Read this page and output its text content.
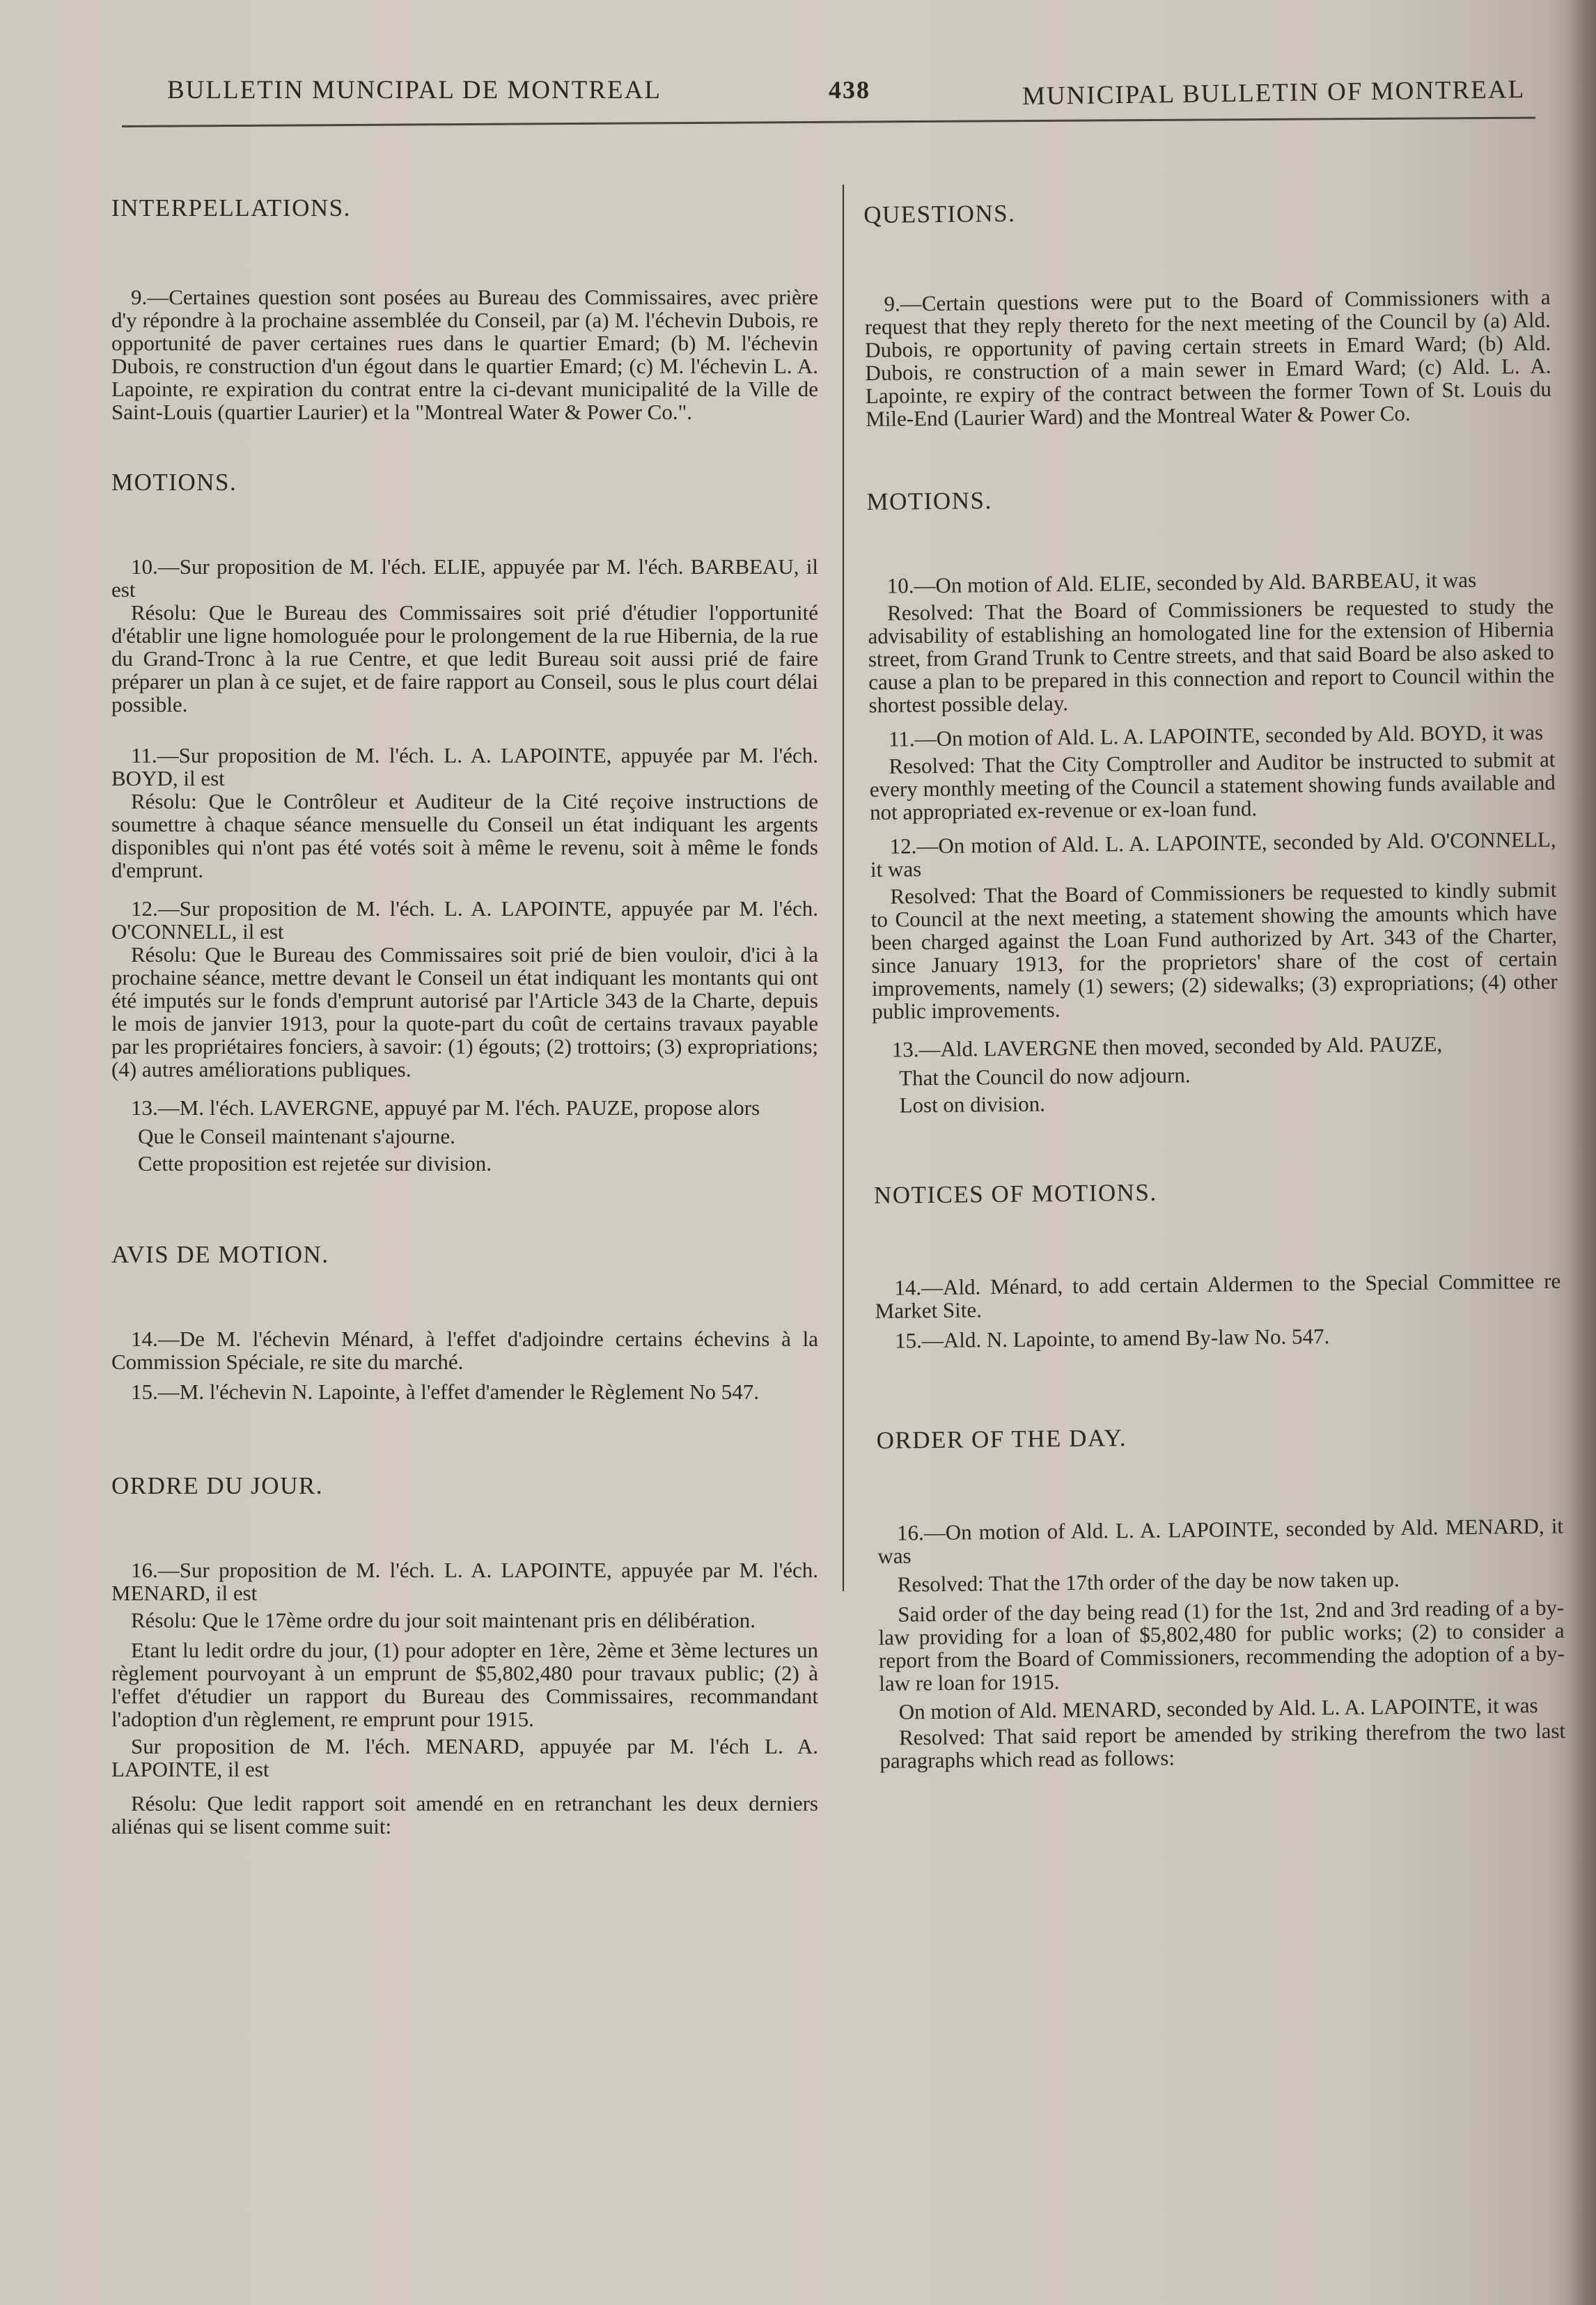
BULLETIN MUNCIPAL DE MONTREAL	438	MUNICIPAL BULLETIN OF MONTREAL

INTERPELLATIONS.

9.—Certaines question sont posées au Bureau des Commissaires, avec prière d'y répondre à la prochaine assemblée du Conseil, par (a) M. l'échevin Dubois, re opportunité de paver certaines rues dans le quartier Emard; (b) M. l'échevin Dubois, re construction d'un égout dans le quartier Emard; (c) M. l'échevin L. A. Lapointe, re expiration du contrat entre la ci-devant municipalité de la Ville de Saint-Louis (quartier Laurier) et la "Montreal Water & Power Co.".

MOTIONS.

10.—Sur proposition de M. l'éch. ELIE, appuyée par M. l'éch. BARBEAU, il est

Résolu: Que le Bureau des Commissaires soit prié d'étudier l'opportunité d'établir une ligne homologuée pour le prolongement de la rue Hibernia, de la rue du Grand-Tronc à la rue Centre, et que ledit Bureau soit aussi prié de faire préparer un plan à ce sujet, et de faire rapport au Conseil, sous le plus court délai possible.

11.—Sur proposition de M. l'éch. L. A. LAPOINTE, appuyée par M. l'éch. BOYD, il est

Résolu: Que le Contrôleur et Auditeur de la Cité reçoive instructions de soumettre à chaque séance mensuelle du Conseil un état indiquant les argents disponibles qui n'ont pas été votés soit à même le revenu, soit à même le fonds d'emprunt.

12.—Sur proposition de M. l'éch. L. A. LAPOINTE, appuyée par M. l'éch. O'CONNELL, il est

Résolu: Que le Bureau des Commissaires soit prié de bien vouloir, d'ici à la prochaine séance, mettre devant le Conseil un état indiquant les montants qui ont été imputés sur le fonds d'emprunt autorisé par l'Article 343 de la Charte, depuis le mois de janvier 1913, pour la quote-part du coût de certains travaux payable par les propriétaires fonciers, à savoir: (1) égouts; (2) trottoirs; (3) expropriations; (4) autres améliorations publiques.

13.—M. l'éch. LAVERGNE, appuyé par M. l'éch. PAUZE, propose alors

Que le Conseil maintenant s'ajourne.

Cette proposition est rejetée sur division.

AVIS DE MOTION.

14.—De M. l'échevin Ménard, à l'effet d'adjoindre certains échevins à la Commission Spéciale, re site du marché.

15.—M. l'échevin N. Lapointe, à l'effet d'amender le Règlement No 547.

ORDRE DU JOUR.

16.—Sur proposition de M. l'éch. L. A. LAPOINTE, appuyée par M. l'éch. MENARD, il est

Résolu: Que le 17ème ordre du jour soit maintenant pris en délibération.

Etant lu ledit ordre du jour, (1) pour adopter en 1ère, 2ème et 3ème lectures un règlement pourvoyant à un emprunt de $5,802,480 pour travaux public; (2) à l'effet d'étudier un rapport du Bureau des Commissaires, recommandant l'adoption d'un règlement, re emprunt pour 1915.

Sur proposition de M. l'éch. MENARD, appuyée par M. l'éch L. A. LAPOINTE, il est

Résolu: Que ledit rapport soit amendé en en retranchant les deux derniers aliénas qui se lisent comme suit:

QUESTIONS.

9.—Certain questions were put to the Board of Commissioners with a request that they reply thereto for the next meeting of the Council by (a) Ald. Dubois, re opportunity of paving certain streets in Emard Ward; (b) Ald. Dubois, re construction of a main sewer in Emard Ward; (c) Ald. L. A. Lapointe, re expiry of the contract between the former Town of St. Louis du Mile-End (Laurier Ward) and the Montreal Water & Power Co.

MOTIONS.

10.—On motion of Ald. ELIE, seconded by Ald. BARBEAU, it was

Resolved: That the Board of Commissioners be requested to study the advisability of establishing an homologated line for the extension of Hibernia street, from Grand Trunk to Centre streets, and that said Board be also asked to cause a plan to be prepared in this connection and report to Council within the shortest possible delay.

11.—On motion of Ald. L. A. LAPOINTE, seconded by Ald. BOYD, it was

Resolved: That the City Comptroller and Auditor be instructed to submit at every monthly meeting of the Council a statement showing funds available and not appropriated ex-revenue or ex-loan fund.

12.—On motion of Ald. L. A. LAPOINTE, seconded by Ald. O'CONNELL, it was

Resolved: That the Board of Commissioners be requested to kindly submit to Council at the next meeting, a statement showing the amounts which have been charged against the Loan Fund authorized by Art. 343 of the Charter, since January 1913, for the proprietors' share of the cost of certain improvements, namely (1) sewers; (2) sidewalks; (3) expropriations; (4) other public improvements.

13.—Ald. LAVERGNE then moved, seconded by Ald. PAUZE,

That the Council do now adjourn.

Lost on division.

NOTICES OF MOTIONS.

14.—Ald. Ménard, to add certain Aldermen to the Special Committee re Market Site.

15.—Ald. N. Lapointe, to amend By-law No. 547.

ORDER OF THE DAY.

16.—On motion of Ald. L. A. LAPOINTE, seconded by Ald. MENARD, it was

Resolved: That the 17th order of the day be now taken up.

Said order of the day being read (1) for the 1st, 2nd and 3rd reading of a by-law providing for a loan of $5,802,480 for public works; (2) to consider a report from the Board of Commissioners, recommending the adoption of a by-law re loan for 1915.

On motion of Ald. MENARD, seconded by Ald. L. A. LAPOINTE, it was

Resolved: That said report be amended by striking therefrom the two last paragraphs which read as follows:
